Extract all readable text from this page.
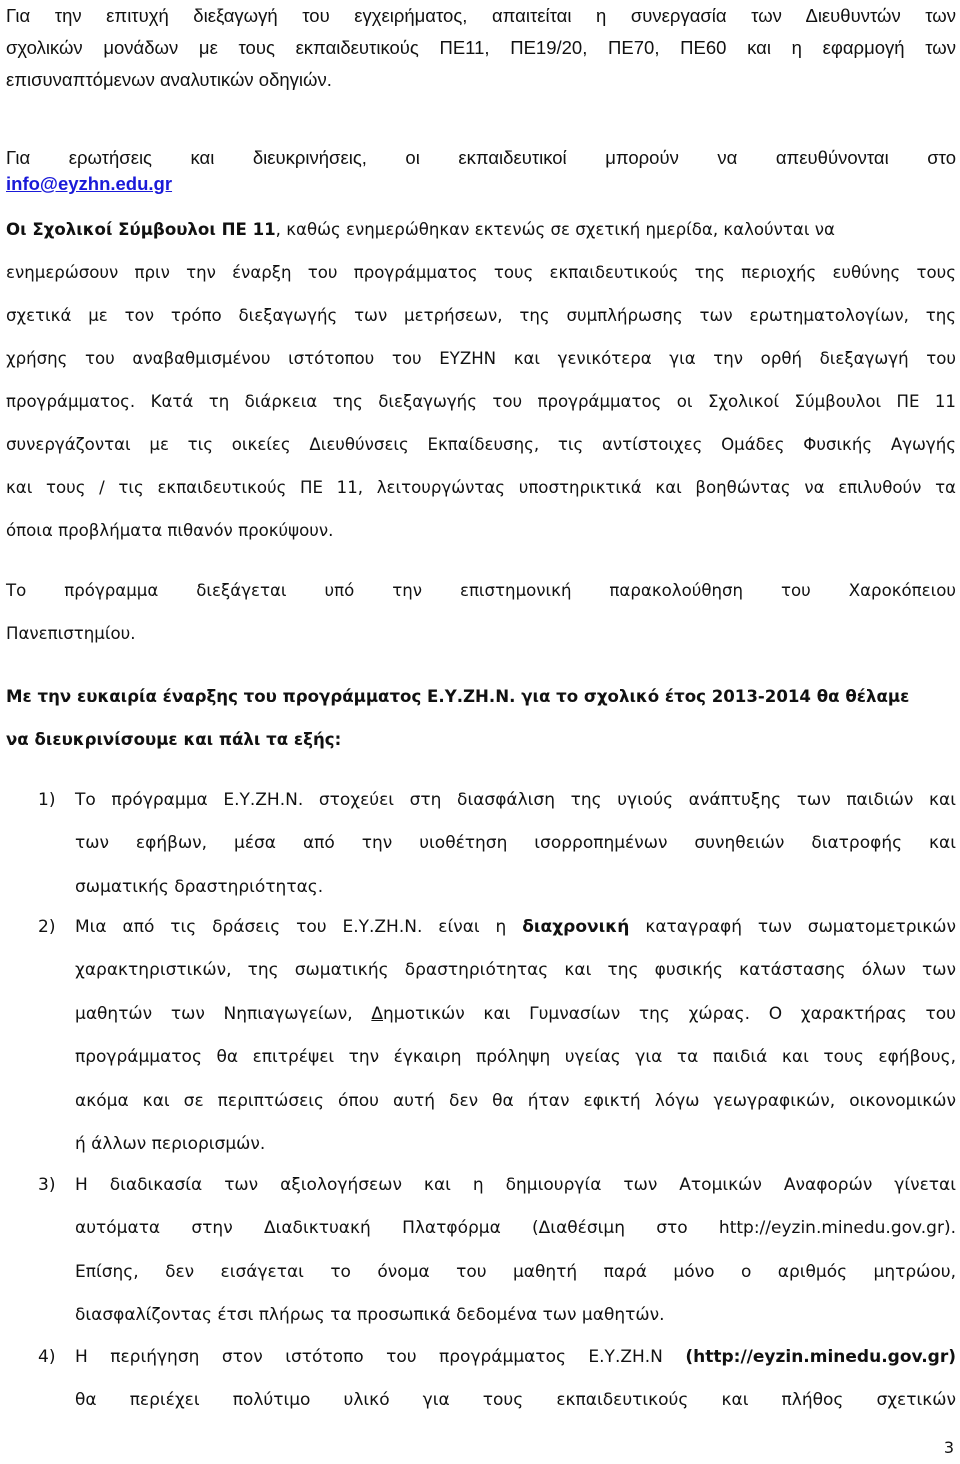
Για την επιτυχή διεξαγωγή του εγχειρήματος, απαιτείται η συνεργασία των Διευθυντών των
σχολικών μονάδων με τους εκπαιδευτικούς ΠΕ11, ΠΕ19/20, ΠΕ70, ΠΕ60 και η εφαρμογή των
επισυναπτόμενων αναλυτικών οδηγιών.
Για ερωτήσεις και διευκρινήσεις, οι εκπαιδευτικοί μπορούν να απευθύνονται στο
info@eyzhn.edu.gr
Οι Σχολικοί Σύμβουλοι ΠΕ 11, καθώς ενημερώθηκαν εκτενώς σε σχετική ημερίδα, καλούνται να
ενημερώσουν πριν την έναρξη του προγράμματος τους εκπαιδευτικούς της περιοχής ευθύνης τους
σχετικά με τον τρόπο διεξαγωγής των μετρήσεων, της συμπλήρωσης των ερωτηματολογίων, της
χρήσης του αναβαθμισμένου ιστότοπου του ΕΥΖΗΝ και γενικότερα για την ορθή διεξαγωγή του
προγράμματος. Κατά τη διάρκεια της διεξαγωγής του προγράμματος οι Σχολικοί Σύμβουλοι ΠΕ 11
συνεργάζονται με τις οικείες Διευθύνσεις Εκπαίδευσης, τις αντίστοιχες Ομάδες Φυσικής Αγωγής
και τους / τις εκπαιδευτικούς ΠΕ 11, λειτουργώντας υποστηρικτικά και βοηθώντας να επιλυθούν τα
όποια προβλήματα πιθανόν προκύψουν.
Το πρόγραμμα διεξάγεται υπό την επιστημονική παρακολούθηση του Χαροκόπειου
Πανεπιστημίου.
Με την ευκαιρία έναρξης του προγράμματος Ε.Υ.ΖΗ.Ν. για το σχολικό έτος 2013-2014 θα θέλαμε
να διευκρινίσουμε και πάλι τα εξής:
1) Το πρόγραμμα Ε.Υ.ΖΗ.Ν. στοχεύει στη διασφάλιση της υγιούς ανάπτυξης των παιδιών και
των εφήβων, μέσα από την υιοθέτηση ισορροπημένων συνηθειών διατροφής και
σωματικής δραστηριότητας.
2) Μια από τις δράσεις του Ε.Υ.ΖΗ.Ν. είναι η διαχρονική καταγραφή των σωματομετρικών
χαρακτηριστικών, της σωματικής δραστηριότητας και της φυσικής κατάστασης όλων των
μαθητών των Νηπιαγωγείων, Δημοτικών και Γυμνασίων της χώρας. Ο χαρακτήρας του
προγράμματος θα επιτρέψει την έγκαιρη πρόληψη υγείας για τα παιδιά και τους εφήβους,
ακόμα και σε περιπτώσεις όπου αυτή δεν θα ήταν εφικτή λόγω γεωγραφικών, οικονομικών
ή άλλων περιορισμών.
3) Η διαδικασία των αξιολογήσεων και η δημιουργία των Ατομικών Αναφορών γίνεται
αυτόματα στην Διαδικτυακή Πλατφόρμα (Διαθέσιμη στο http://eyzin.minedu.gov.gr).
Επίσης, δεν εισάγεται το όνομα του μαθητή παρά μόνο ο αριθμός μητρώου,
διασφαλίζοντας έτσι πλήρως τα προσωπικά δεδομένα των μαθητών.
4) Η περιήγηση στον ιστότοπο του προγράμματος Ε.Υ.ΖΗ.Ν (http://eyzin.minedu.gov.gr)
θα περιέχει πολύτιμο υλικό για τους εκπαιδευτικούς και πλήθος σχετικών
3
